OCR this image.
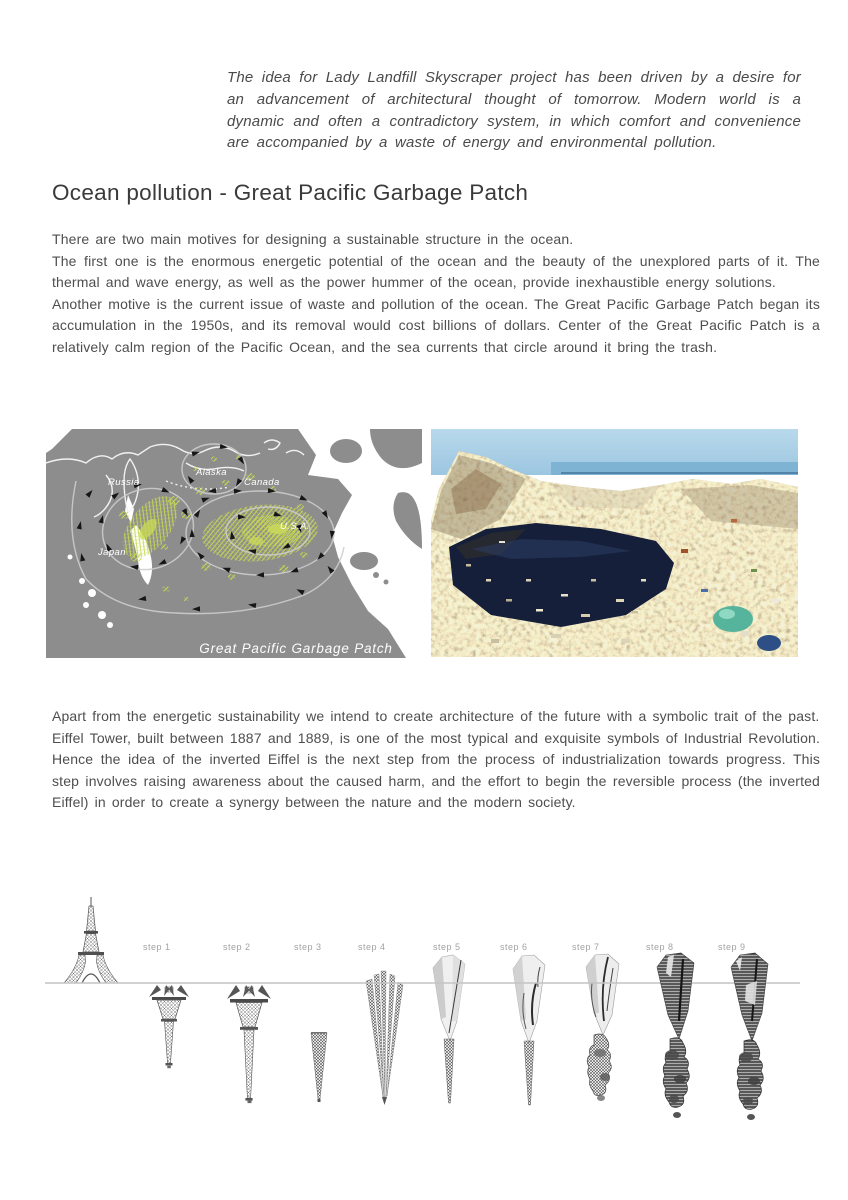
The idea for Lady Landfill Skyscraper project has been driven by a desire for an advancement of architectural thought of tomorrow. Modern world is a dynamic and often a contradictory system, in which comfort and convenience are accompanied by a waste of energy and environmental pollution.

Ocean pollution - Great Pacific Garbage Patch

There are two main motives for designing a sustainable structure in the ocean.

The first one is the enormous energetic potential of the ocean and the beauty of the unexplored parts of it. The thermal and wave energy, as well as the power hummer of the ocean, provide inexhaustible energy solutions.

Another motive is the current issue of waste and pollution of the ocean. The Great Pacific Garbage Patch began its accumulation in the 1950s, and its removal would cost billions of dollars. Center of the Great Pacific Patch is a relatively calm region of the Pacific Ocean, and the sea currents that circle around it bring the trash.

Russia
Alaska
Canada
U.S.A.
Japan
Great Pacific Garbage Patch

Apart from the energetic sustainability we intend to create architecture of the future with a symbolic trait of the past.

Eiffel Tower, built between 1887 and 1889, is one of the most typical and exquisite symbols of Industrial Revolution. Hence the idea of the inverted Eiffel is the next step from the process of industrialization towards progress. This step involves raising awareness about the caused harm, and the effort to begin the reversible process (the inverted Eiffel) in order to create a synergy between the nature and the modern society.

step 1	step 2	step 3	step 4	step 5	step 6	step 7	step 8	step 9
